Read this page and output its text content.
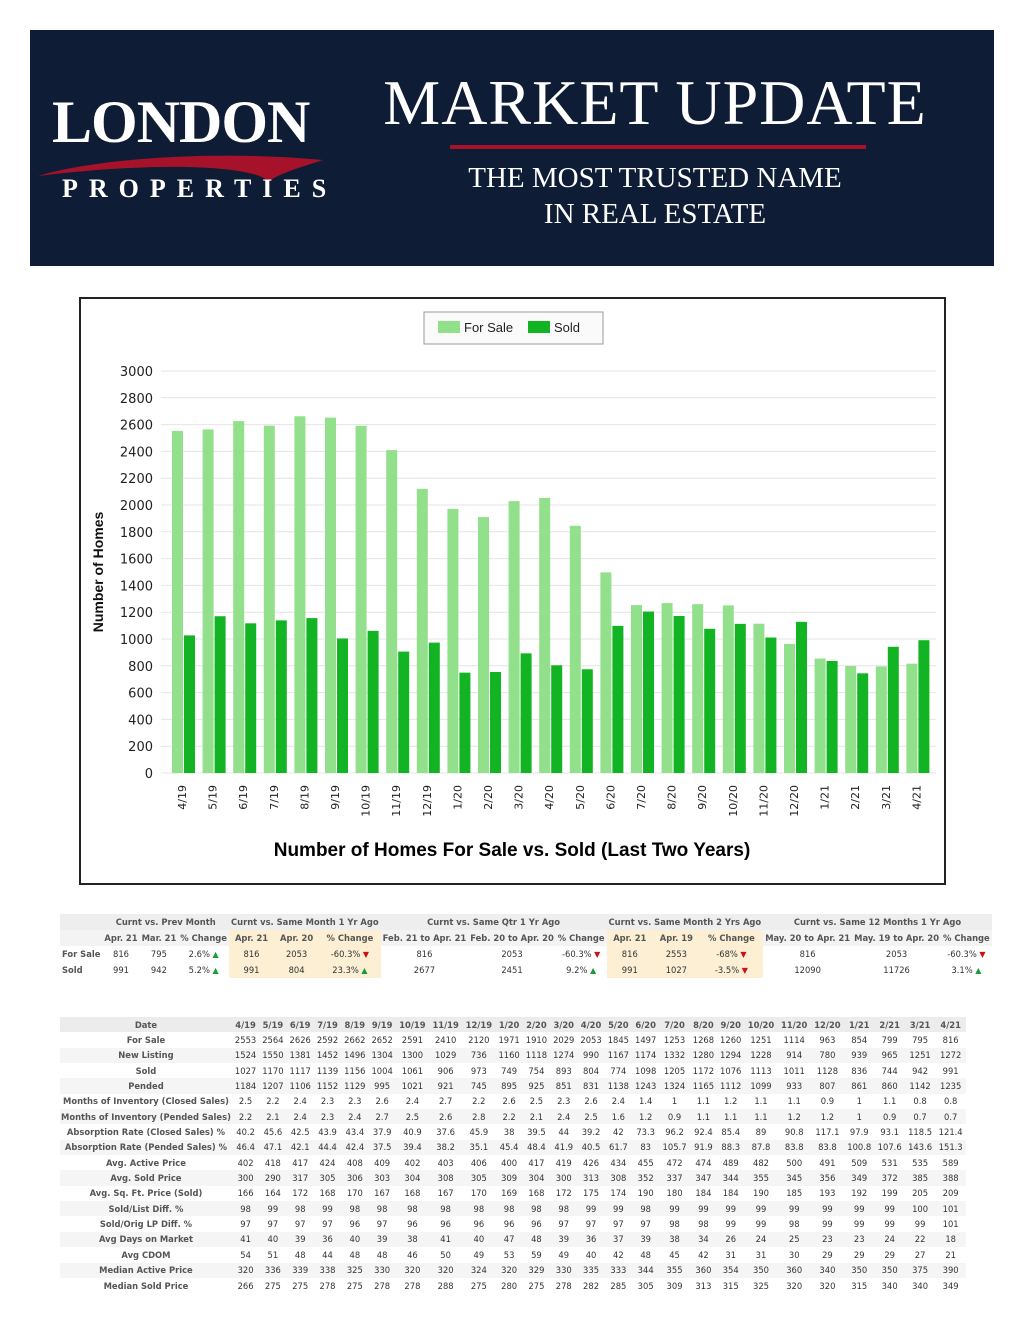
LONDON
PROPERTIES
MARKET UPDATE
THE MOST TRUSTED NAME
IN REAL ESTATE
0
200
400
600
800
1000
1200
1400
1600
1800
2000
2200
2400
2600
2800
3000
Number of Homes
4/19 5/19 6/19 7/19 8/19 9/19 10/19 11/19 12/19 1/20 2/20 3/20 4/20 5/20 6/20 7/20 8/20 9/20 10/20 11/20 12/20 1/21 2/21 3/21 4/21
For Sale	Sold
Number of Homes For Sale vs. Sold (Last Two Years)
	Curnt vs. Prev Month			Curnt vs. Same Month 1 Yr Ago			Curnt vs. Same Qtr 1 Yr Ago			Curnt vs. Same Month 2 Yrs Ago			Curnt vs. Same 12 Months 1 Yr Ago		
	Apr. 21	Mar. 21	% Change	Apr. 21	Apr. 20	% Change	Feb. 21 to Apr. 21	Feb. 20 to Apr. 20	% Change	Apr. 21	Apr. 19	% Change	May. 20 to Apr. 21	May. 19 to Apr. 20	% Change
For Sale	816	795	2.6% ▲	816	2053	-60.3% ▼	816	2053	-60.3% ▼	816	2553	-68% ▼	816	2053	-60.3% ▼
Sold	991	942	5.2% ▲	991	804	23.3% ▲	2677	2451	9.2% ▲	991	1027	-3.5% ▼	12090	11726	3.1% ▲
Date	4/19	5/19	6/19	7/19	8/19	9/19	10/19	11/19	12/19	1/20	2/20	3/20	4/20	5/20	6/20	7/20	8/20	9/20	10/20	11/20	12/20	1/21	2/21	3/21	4/21
For Sale	2553	2564	2626	2592	2662	2652	2591	2410	2120	1971	1910	2029	2053	1845	1497	1253	1268	1260	1251	1114	963	854	799	795	816
New Listing	1524	1550	1381	1452	1496	1304	1300	1029	736	1160	1118	1274	990	1167	1174	1332	1280	1294	1228	914	780	939	965	1251	1272
Sold	1027	1170	1117	1139	1156	1004	1061	906	973	749	754	893	804	774	1098	1205	1172	1076	1113	1011	1128	836	744	942	991
Pended	1184	1207	1106	1152	1129	995	1021	921	745	895	925	851	831	1138	1243	1324	1165	1112	1099	933	807	861	860	1142	1235
Months of Inventory (Closed Sales)	2.5	2.2	2.4	2.3	2.3	2.6	2.4	2.7	2.2	2.6	2.5	2.3	2.6	2.4	1.4	1	1.1	1.2	1.1	1.1	0.9	1	1.1	0.8	0.8
Months of Inventory (Pended Sales)	2.2	2.1	2.4	2.3	2.4	2.7	2.5	2.6	2.8	2.2	2.1	2.4	2.5	1.6	1.2	0.9	1.1	1.1	1.1	1.2	1.2	1	0.9	0.7	0.7
Absorption Rate (Closed Sales) %	40.2	45.6	42.5	43.9	43.4	37.9	40.9	37.6	45.9	38	39.5	44	39.2	42	73.3	96.2	92.4	85.4	89	90.8	117.1	97.9	93.1	118.5	121.4
Absorption Rate (Pended Sales) %	46.4	47.1	42.1	44.4	42.4	37.5	39.4	38.2	35.1	45.4	48.4	41.9	40.5	61.7	83	105.7	91.9	88.3	87.8	83.8	83.8	100.8	107.6	143.6	151.3
Avg. Active Price	402	418	417	424	408	409	402	403	406	400	417	419	426	434	455	472	474	489	482	500	491	509	531	535	589
Avg. Sold Price	300	290	317	305	306	303	304	308	305	309	304	300	313	308	352	337	347	344	355	345	356	349	372	385	388
Avg. Sq. Ft. Price (Sold)	166	164	172	168	170	167	168	167	170	169	168	172	175	174	190	180	184	184	190	185	193	192	199	205	209
Sold/List Diff. %	98	99	98	99	98	98	98	98	98	98	98	98	99	99	98	99	99	99	99	99	99	99	99	100	101
Sold/Orig LP Diff. %	97	97	97	97	96	97	96	96	96	96	96	97	97	97	97	98	98	99	99	98	99	99	99	99	101
Avg Days on Market	41	40	39	36	40	39	38	41	40	47	48	39	36	37	39	38	34	26	24	25	23	23	24	22	18
Avg CDOM	54	51	48	44	48	48	46	50	49	53	59	49	40	42	48	45	42	31	31	30	29	29	29	27	21
Median Active Price	320	336	339	338	325	330	320	320	324	320	329	330	335	333	344	355	360	354	350	360	340	350	350	375	390
Median Sold Price	266	275	275	278	275	278	278	288	275	280	275	278	282	285	305	309	313	315	325	320	320	315	340	340	349
